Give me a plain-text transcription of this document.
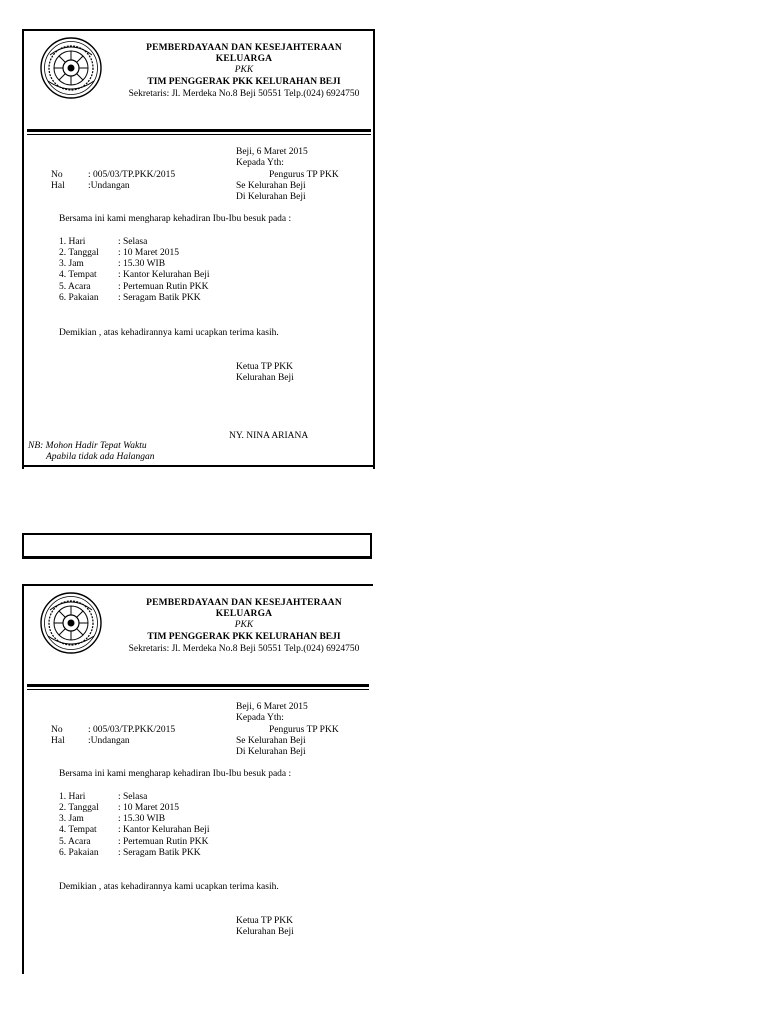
PEMBERDAYAAN DAN KESEJAHTERAAN
KELUARGA
PKK
TIM PENGGERAK PKK KELURAHAN BEJI
Sekretaris: Jl. Merdeka No.8 Beji 50551 Telp.(024) 6924750
Beji, 6 Maret 2015
Kepada Yth:
Pengurus TP PKK
Se Kelurahan Beji
Di Kelurahan Beji
No	: 005/03/TP.PKK/2015
Hal :Undangan
Bersama ini kami mengharap kehadiran Ibu-Ibu besuk pada :
1. Hari	: Selasa
2. Tanggal : 10 Maret 2015
3. Jam	: 15.30 WIB
4. Tempat : Kantor Kelurahan Beji
5. Acara	: Pertemuan Rutin PKK
6. Pakaian : Seragam Batik PKK
Demikian , atas kehadirannya kami ucapkan terima kasih.
Ketua TP PKK
Kelurahan Beji
NY. NINA ARIANA
NB: Mohon Hadir Tepat Waktu
Apabila tidak ada Halangan
PEMBERDAYAAN DAN KESEJAHTERAAN
KELUARGA
PKK
TIM PENGGERAK PKK KELURAHAN BEJI
Sekretaris: Jl. Merdeka No.8 Beji 50551 Telp.(024) 6924750
Beji, 6 Maret 2015
Kepada Yth:
Pengurus TP PKK
Se Kelurahan Beji
Di Kelurahan Beji
No	: 005/03/TP.PKK/2015
Hal :Undangan
Bersama ini kami mengharap kehadiran Ibu-Ibu besuk pada :
1. Hari	: Selasa
2. Tanggal : 10 Maret 2015
3. Jam	: 15.30 WIB
4. Tempat : Kantor Kelurahan Beji
5. Acara	: Pertemuan Rutin PKK
6. Pakaian : Seragam Batik PKK
Demikian , atas kehadirannya kami ucapkan terima kasih.
Ketua TP PKK
Kelurahan Beji
